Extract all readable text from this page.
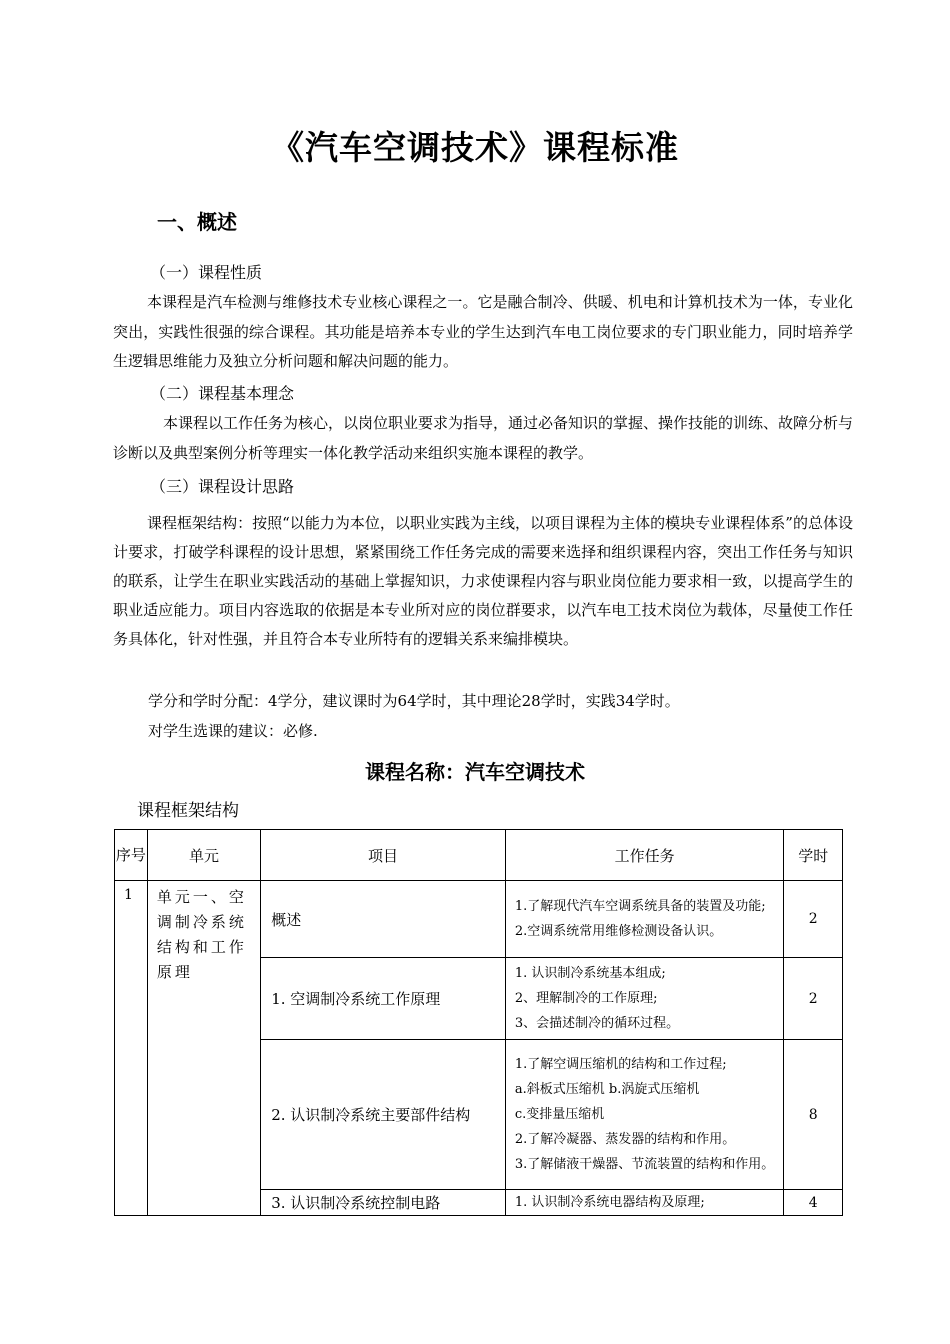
《汽车空调技术》课程标准
一、概述
（一）课程性质
本课程是汽车检测与维修技术专业核心课程之一。它是融合制冷、供暖、机电和计算机技术为一体，专业化突出，实践性很强的综合课程。其功能是培养本专业的学生达到汽车电工岗位要求的专门职业能力，同时培养学生逻辑思维能力及独立分析问题和解决问题的能力。
（二）课程基本理念
本课程以工作任务为核心，以岗位职业要求为指导，通过必备知识的掌握、操作技能的训练、故障分析与诊断以及典型案例分析等理实一体化教学活动来组织实施本课程的教学。
（三）课程设计思路
课程框架结构：按照“以能力为本位，以职业实践为主线，以项目课程为主体的模块专业课程体系”的总体设计要求，打破学科课程的设计思想，紧紧围绕工作任务完成的需要来选择和组织课程内容，突出工作任务与知识的联系，让学生在职业实践活动的基础上掌握知识，力求使课程内容与职业岗位能力要求相一致，以提高学生的职业适应能力。项目内容选取的依据是本专业所对应的岗位群要求，以汽车电工技术岗位为载体，尽量使工作任务具体化，针对性强，并且符合本专业所特有的逻辑关系来编排模块。
学分和学时分配：4学分，建议课时为64学时，其中理论28学时，实践34学时。
对学生选课的建议：必修.
课程名称：汽车空调技术
课程框架结构
序号	单元	项目	工作任务	学时
1	单元一、空调制冷系统结构和工作原理	概述	1.了解现代汽车空调系统具备的装置及功能;
2.空调系统常用维修检测设备认识。	2
		1. 空调制冷系统工作原理	1. 认识制冷系统基本组成;
2、理解制冷的工作原理;
3、会描述制冷的循环过程。	2
		2. 认识制冷系统主要部件结构	1.了解空调压缩机的结构和工作过程;
a.斜板式压缩机 b.涡旋式压缩机
c.变排量压缩机
2.了解冷凝器、蒸发器的结构和作用。
3.了解储液干燥器、节流装置的结构和作用。	8
		3. 认识制冷系统控制电路	1. 认识制冷系统电器结构及原理;	4
